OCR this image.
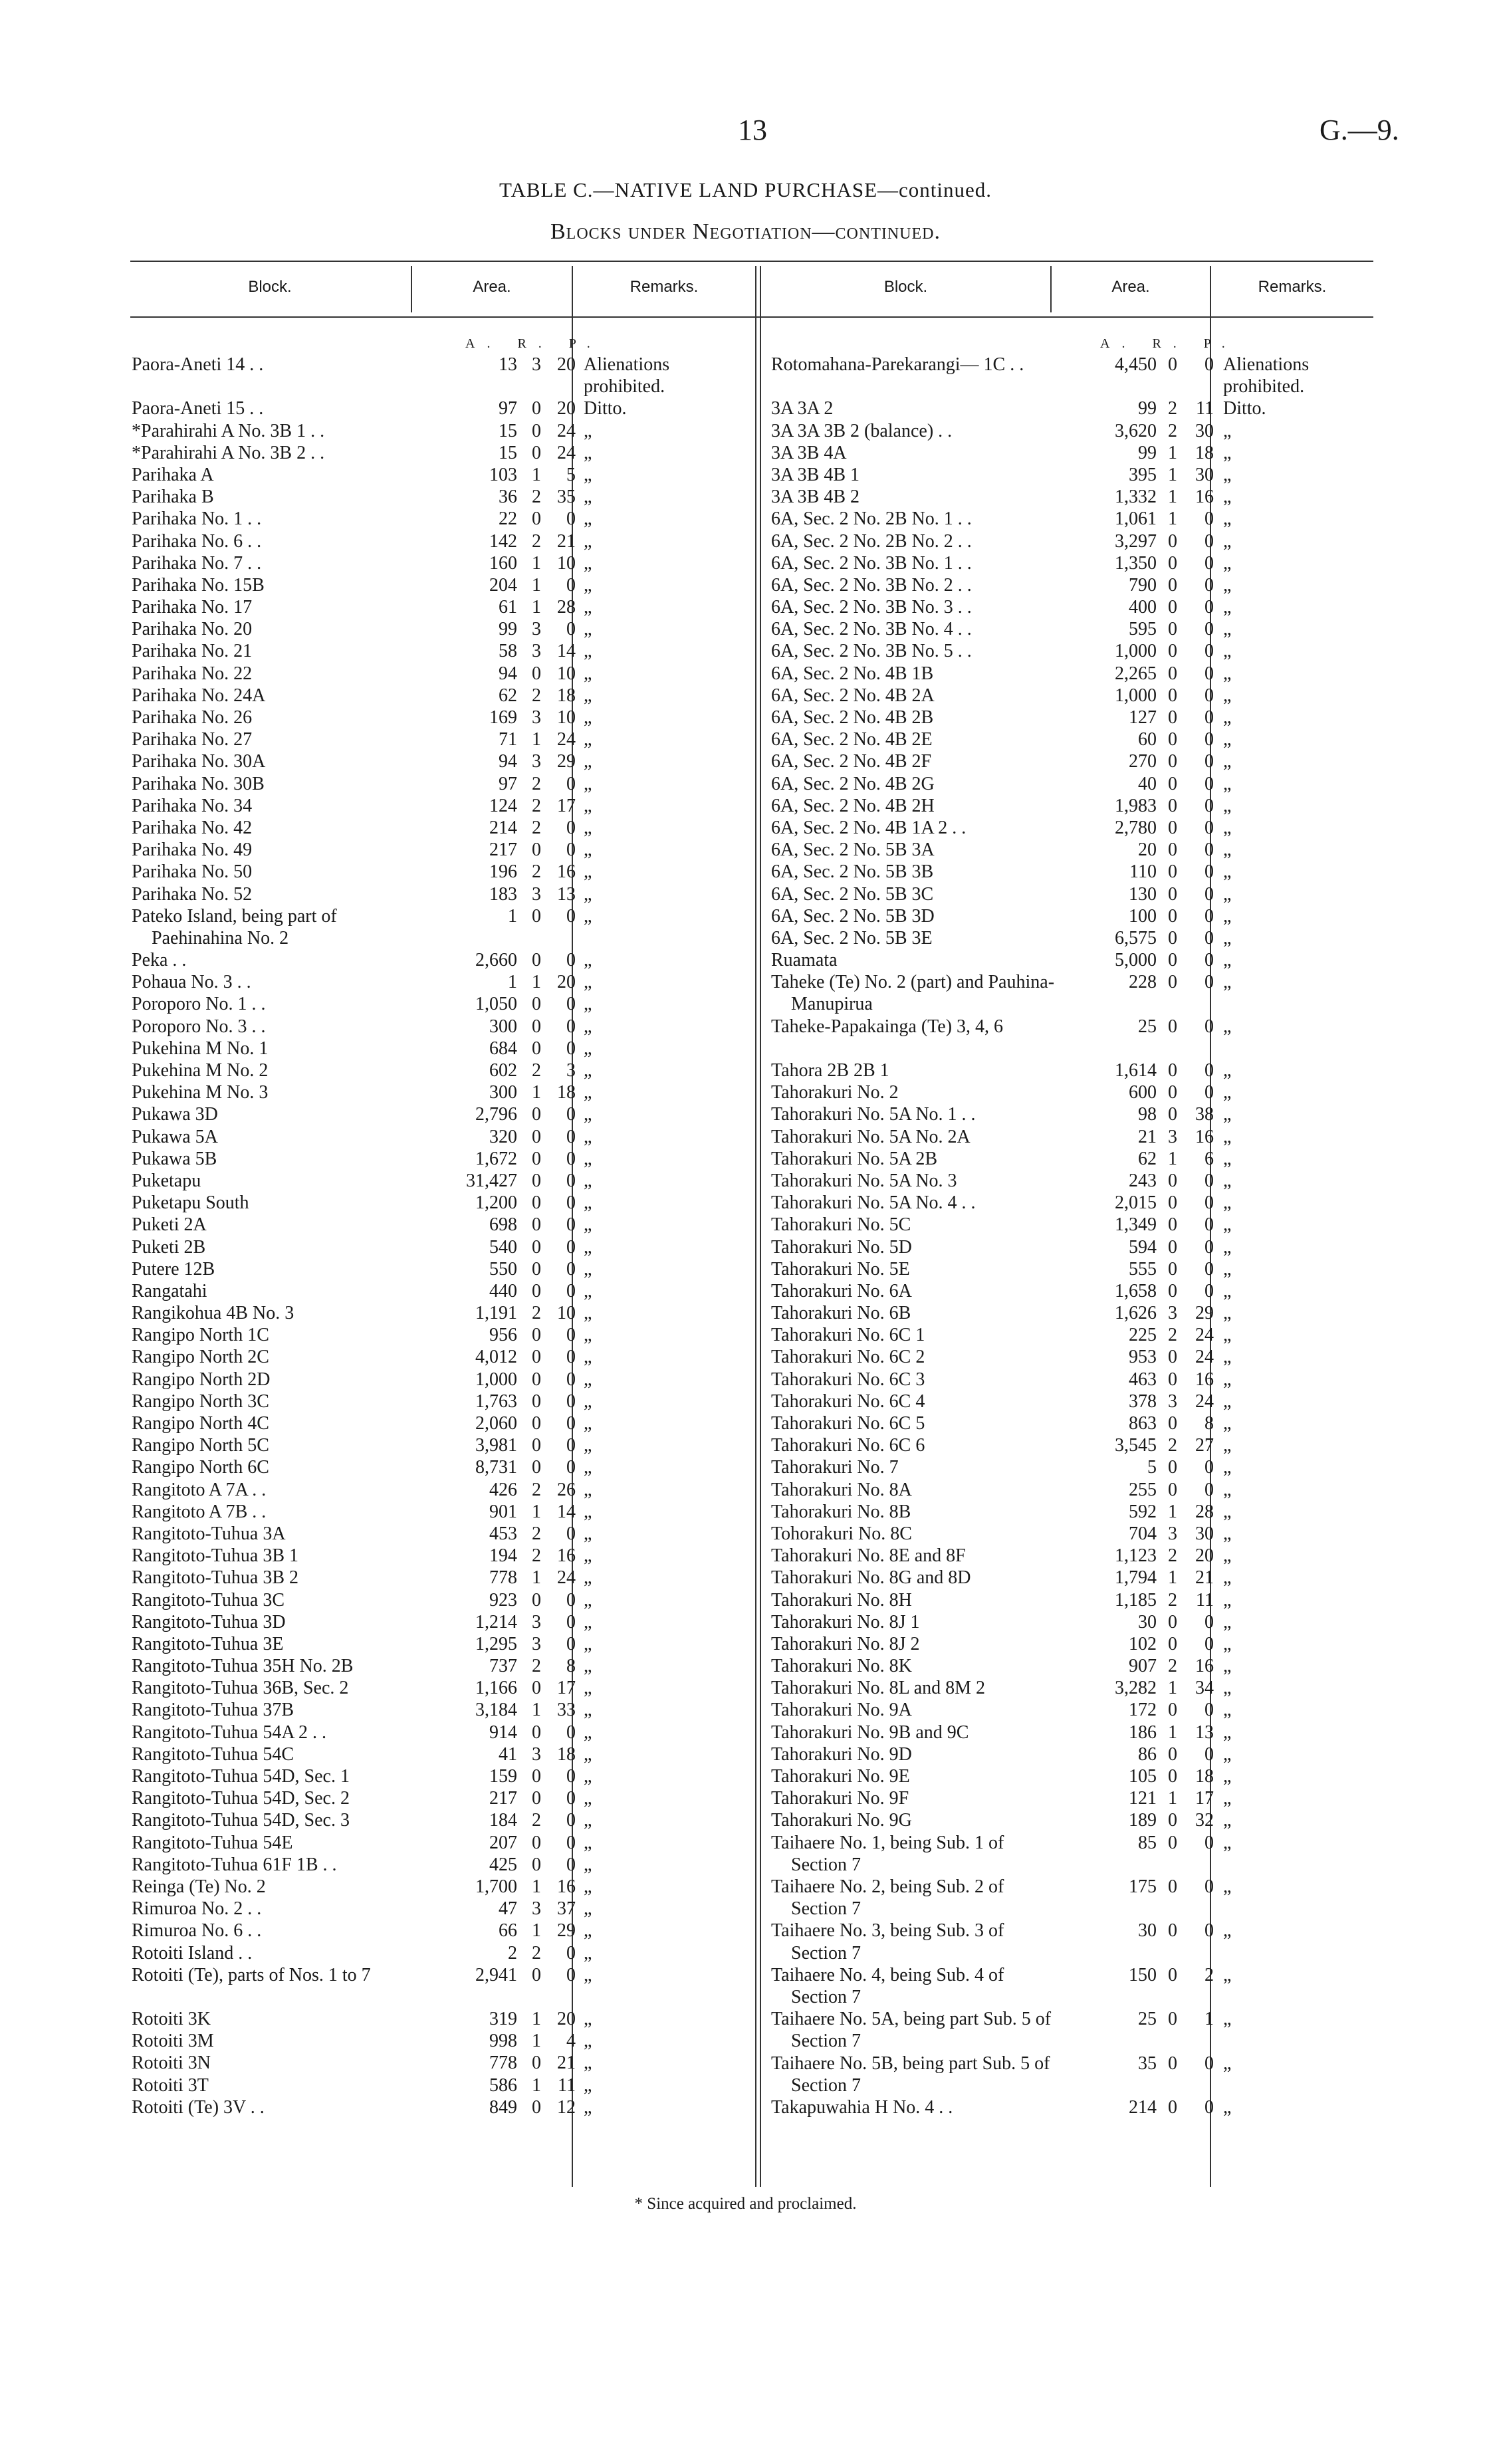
13	G.—9.
TABLE C.—NATIVE LAND PURCHASE—continued.
Blocks under Negotiation—continued.
Block.	Area.	Remarks.	Block.	Area.	Remarks.
A. R. P.	A. R. P.
Paora-Aneti 14 . .	13 3 20 Alienations prohibited.
Paora-Aneti 15 . .	97 0 20 Ditto.
*Parahirahi A No. 3B 1 . .	15 0 24 „
*Parahirahi A No. 3B 2 . .	15 0 24 „
Parihaka A	103 1	5 „
Parihaka B	36 2 35 „
Parihaka No. 1 . .	22 0	0 „
Parihaka No. 6 . .	142 2 21 „
Parihaka No. 7 . .	160 1 10 „
Parihaka No. 15B	204 1	0 „
Parihaka No. 17	61 1 28 „
Parihaka No. 20	99 3	0 „
Parihaka No. 21	58 3 14 „
Parihaka No. 22	94 0 10 „
Parihaka No. 24A	62 2 18 „
Parihaka No. 26	169 3 10 „
Parihaka No. 27	71 1 24 „
Parihaka No. 30A	94 3 29 „
Parihaka No. 30B	97 2	0 „
Parihaka No. 34	124 2 17 „
Parihaka No. 42	214 2	0 „
Parihaka No. 49	217 0	0 „
Parihaka No. 50	196 2 16 „
Parihaka No. 52	183 3 13 „
Pateko Island, being part of Paehinahina No. 2
1 0	0 „
Peka . .	2,660 0	0 „
Pohaua No. 3 . .	1 1 20 „
Poroporo No. 1 . .	1,050 0	0 „
Poroporo No. 3 . .	300 0	0 „
Pukehina M No. 1	684 0	0 „
Pukehina M No. 2	602 2	3 „
Pukehina M No. 3	300 1 18 „
Pukawa 3D	2,796 0	0 „
Pukawa 5A	320 0	0 „
Pukawa 5B	1,672 0	0 „
Puketapu	31,427 0	0 „
Puketapu South	1,200 0	0 „
Puketi 2A	698 0	0 „
Puketi 2B	540 0	0 „
Putere 12B	550 0	0 „
Rangatahi	440 0	0 „
Rangikohua 4B No. 3	1,191 2 10 „
Rangipo North 1C	956 0	0 „
Rangipo North 2C	4,012 0	0 „
Rangipo North 2D	1,000 0	0 „
Rangipo North 3C	1,763 0	0 „
Rangipo North 4C	2,060 0	0 „
Rangipo North 5C	3,981 0	0 „
Rangipo North 6C	8,731 0	0 „
Rangitoto A 7A . .	426 2 26 „
Rangitoto A 7B . .	901 1 14 „
Rangitoto-Tuhua 3A	453 2	0 „
Rangitoto-Tuhua 3B 1	194 2 16 „
Rangitoto-Tuhua 3B 2	778 1 24 „
Rangitoto-Tuhua 3C	923 0	0 „
Rangitoto-Tuhua 3D	1,214 3	0 „
Rangitoto-Tuhua 3E	1,295 3	0 „
Rangitoto-Tuhua 35H No. 2B	737 2	8 „
Rangitoto-Tuhua 36B, Sec. 2	1,166 0 17 „
Rangitoto-Tuhua 37B	3,184 1 33 „
Rangitoto-Tuhua 54A 2 . .	914 0	0 „
Rangitoto-Tuhua 54C	41 3 18 „
Rangitoto-Tuhua 54D, Sec. 1	159 0	0 „
Rangitoto-Tuhua 54D, Sec. 2	217 0	0 „
Rangitoto-Tuhua 54D, Sec. 3	184 2	0 „
Rangitoto-Tuhua 54E	207 0	0 „
Rangitoto-Tuhua 61F 1B . .	425 0	0 „
Reinga (Te) No. 2	1,700 1 16 „
Rimuroa No. 2 . .	47 3 37 „
Rimuroa No. 6 . .	66 1 29 „
Rotoiti Island . .	2 2	0 „
Rotoiti (Te), parts of Nos. 1 to 7	2,941 0	0 „
Rotoiti 3K	319 1 20 „
Rotoiti 3M	998 1	4 „
Rotoiti 3N	778 0 21 „
Rotoiti 3T	586 1 11 „
Rotoiti (Te) 3V . .	849 0 12 „
Rotomahana-Parekarangi— 1C . .	4,450 0	0 Alienations prohibited.
3A 3A 2	99 2	11 Ditto.
3A 3A 3B 2 (balance) . .	3,620 2 30 „
3A 3B 4A	99 1 18 „
3A 3B 4B 1	395 1 30 „
3A 3B 4B 2	1,332 1 16 „
6A, Sec. 2 No. 2B No. 1 . .	1,061 1	0 „
6A, Sec. 2 No. 2B No. 2 . .	3,297 0	0 „
6A, Sec. 2 No. 3B No. 1 . .	1,350 0	0 „
6A, Sec. 2 No. 3B No. 2 . .	790 0	0 „
6A, Sec. 2 No. 3B No. 3 . .	400 0	0 „
6A, Sec. 2 No. 3B No. 4 . .	595 0	0 „
6A, Sec. 2 No. 3B No. 5 . .	1,000 0	0 „
6A, Sec. 2 No. 4B 1B	2,265 0	0 „
6A, Sec. 2 No. 4B 2A	1,000 0	0 „
6A, Sec. 2 No. 4B 2B	127 0	0 „
6A, Sec. 2 No. 4B 2E	60 0	0 „
6A, Sec. 2 No. 4B 2F	270 0	0 „
6A, Sec. 2 No. 4B 2G	40 0	0 „
6A, Sec. 2 No. 4B 2H	1,983 0	0 „
6A, Sec. 2 No. 4B 1A 2 . .	2,780 0	0 „
6A, Sec. 2 No. 5B 3A	20 0	0 „
6A, Sec. 2 No. 5B 3B	110 0	0 „
6A, Sec. 2 No. 5B 3C	130 0	0 „
6A, Sec. 2 No. 5B 3D	100 0	0 „
6A, Sec. 2 No. 5B 3E	6,575 0	0 „
Ruamata	5,000 0	0 „
Taheke (Te) No. 2 (part) and Pauhina-Manupirua
228 0	0 „
Taheke-Papakainga (Te) 3, 4, 6	25 0	0 „
Tahora 2B 2B 1	1,614 0	0 „
Tahorakuri No. 2	600 0	0 „
Tahorakuri No. 5A No. 1 . .	98 0 38 „
Tahorakuri No. 5A No. 2A	21 3 16 „
Tahorakuri No. 5A 2B	62 1	6 „
Tahorakuri No. 5A No. 3	243 0	0 „
Tahorakuri No. 5A No. 4 . .	2,015 0	0 „
Tahorakuri No. 5C	1,349 0	0 „
Tahorakuri No. 5D	594 0	0 „
Tahorakuri No. 5E	555 0	0 „
Tahorakuri No. 6A	1,658 0	0 „
Tahorakuri No. 6B	1,626 3 29 „
Tahorakuri No. 6C 1	225 2 24 „
Tahorakuri No. 6C 2	953 0 24 „
Tahorakuri No. 6C 3	463 0 16 „
Tahorakuri No. 6C 4	378 3 24 „
Tahorakuri No. 6C 5	863 0	8 „
Tahorakuri No. 6C 6	3,545 2 27 „
Tahorakuri No. 7	5 0	0 „
Tahorakuri No. 8A	255 0	0 „
Tahorakuri No. 8B	592 1 28 „
Tohorakuri No. 8C	704 3 30 „
Tahorakuri No. 8E and 8F	1,123 2 20 „
Tahorakuri No. 8G and 8D	1,794 1 21 „
Tahorakuri No. 8H	1,185 2	11 „
Tahorakuri No. 8J 1	30 0	0 „
Tahorakuri No. 8J 2	102 0	0 „
Tahorakuri No. 8K	907 2 16 „
Tahorakuri No. 8L and 8M 2	3,282 1 34 „
Tahorakuri No. 9A	172 0	0 „
Tahorakuri No. 9B and 9C	186 1 13 „
Tahorakuri No. 9D	86 0	0 „
Tahorakuri No. 9E	105 0 18 „
Tahorakuri No. 9F	121 1 17 „
Tahorakuri No. 9G	189 0 32 „
Taihaere No. 1, being Sub. 1 of Section 7
85 0	0 „
Taihaere No. 2, being Sub. 2 of Section 7
175 0	0 „
Taihaere No. 3, being Sub. 3 of Section 7
30 0	0 „
Taihaere No. 4, being Sub. 4 of Section 7
150 0	2 „
Taihaere No. 5A, being part Sub. 5 of Section 7
25 0	1 „
Taihaere No. 5B, being part Sub. 5 of Section 7
35 0	0 „
Takapuwahia H No. 4 . .	214 0	0 „
* Since acquired and proclaimed.
